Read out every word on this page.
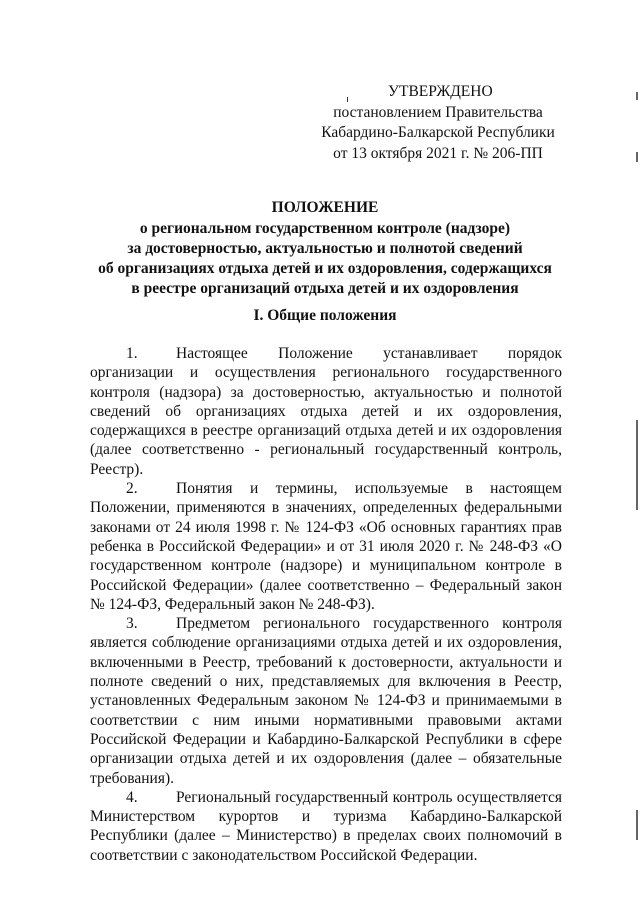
УТВЕРЖДЕНО
постановлением Правительства
Кабардино-Балкарской Республики
от 13 октября 2021 г. № 206-ПП
ПОЛОЖЕНИЕ
о региональном государственном контроле (надзоре)
за достоверностью, актуальностью и полнотой сведений
об организациях отдыха детей и их оздоровления, содержащихся
в реестре организаций отдыха детей и их оздоровления
I. Общие положения

1. Настоящее Положение устанавливает порядок организации и осуществления регионального государственного контроля (надзора) за достоверностью, актуальностью и полнотой сведений об организациях отдыха детей и их оздоровления, содержащихся в реестре организаций отдыха детей и их оздоровления (далее соответственно - региональный государственный контроль, Реестр).

2. Понятия и термины, используемые в настоящем Положении, применяются в значениях, определенных федеральными законами от 24 июля 1998 г. № 124-ФЗ «Об основных гарантиях прав ребенка в Российской Федерации» и от 31 июля 2020 г. № 248-ФЗ «О государственном контроле (надзоре) и муниципальном контроле в Российской Федерации» (далее соответственно – Федеральный закон № 124-ФЗ, Федеральный закон № 248-ФЗ).

3. Предметом регионального государственного контроля является соблюдение организациями отдыха детей и их оздоровления, включенными в Реестр, требований к достоверности, актуальности и полноте сведений о них, представляемых для включения в Реестр, установленных Федеральным законом № 124-ФЗ и принимаемыми в соответствии с ним иными нормативными правовыми актами Российской Федерации и Кабардино-Балкарской Республики в сфере организации отдыха детей и их оздоровления (далее – обязательные требования).

4. Региональный государственный контроль осуществляется Министерством курортов и туризма Кабардино-Балкарской Республики (далее – Министерство) в пределах своих полномочий в соответствии с законодательством Российской Федерации.
